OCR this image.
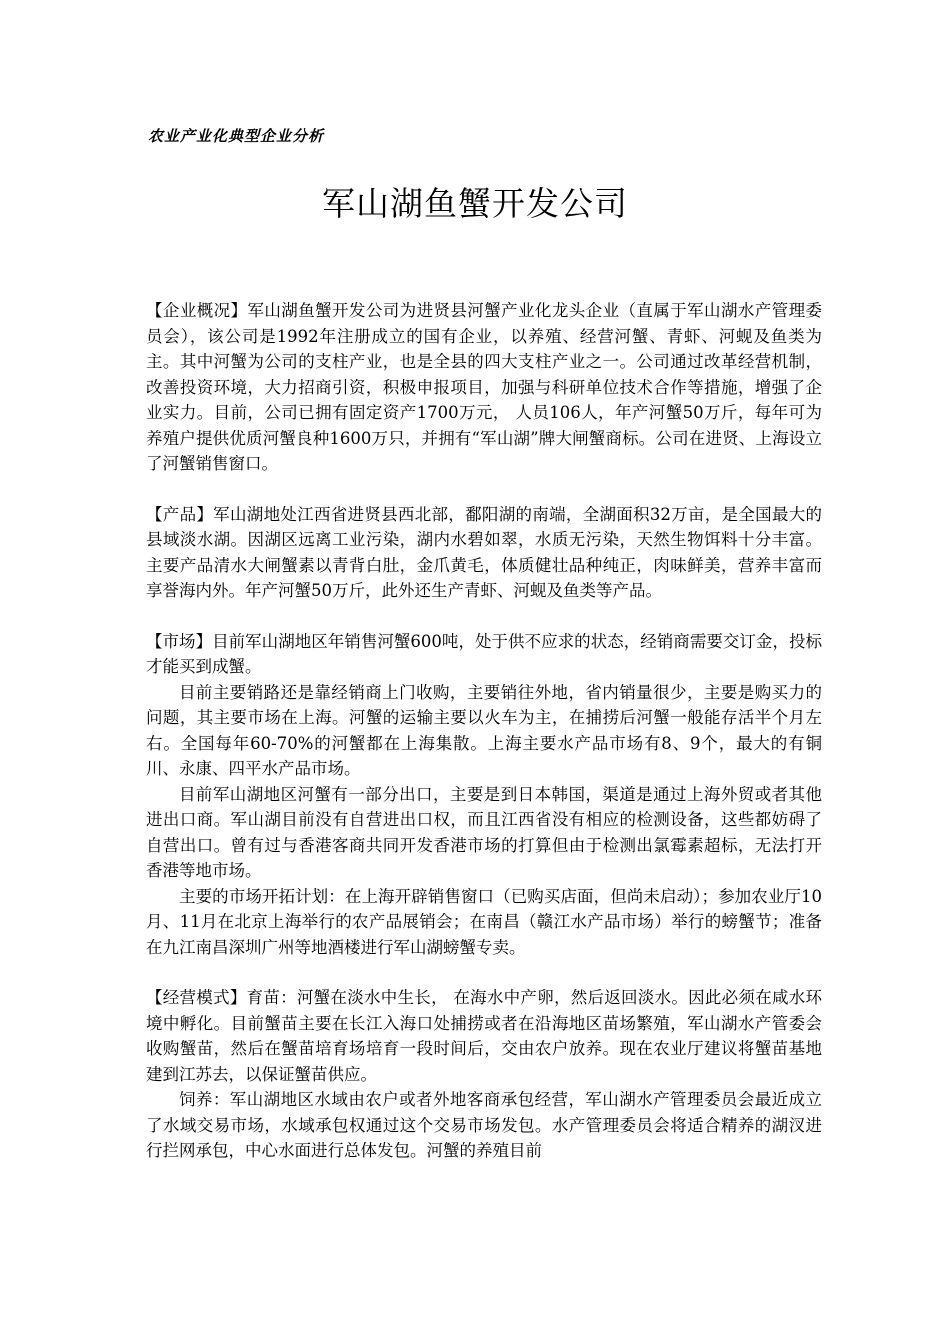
农业产业化典型企业分析
军山湖鱼蟹开发公司

【企业概况】军山湖鱼蟹开发公司为进贤县河蟹产业化龙头企业（直属于军山湖水产管理委员会），该公司是1992年注册成立的国有企业，以养殖、经营河蟹、青虾、河蚬及鱼类为主。其中河蟹为公司的支柱产业，也是全县的四大支柱产业之一。公司通过改革经营机制，改善投资环境，大力招商引资，积极申报项目，加强与科研单位技术合作等措施，增强了企业实力。目前，公司已拥有固定资产1700万元， 人员106人，年产河蟹50万斤，每年可为养殖户提供优质河蟹良种1600万只，并拥有“军山湖”牌大闸蟹商标。公司在进贤、上海设立了河蟹销售窗口。

【产品】军山湖地处江西省进贤县西北部，鄱阳湖的南端，全湖面积32万亩，是全国最大的县域淡水湖。因湖区远离工业污染，湖内水碧如翠，水质无污染，天然生物饵料十分丰富。主要产品清水大闸蟹素以青背白肚，金爪黄毛，体质健壮品种纯正，肉味鲜美，营养丰富而享誉海内外。年产河蟹50万斤，此外还生产青虾、河蚬及鱼类等产品。

【市场】目前军山湖地区年销售河蟹600吨，处于供不应求的状态，经销商需要交订金，投标才能买到成蟹。

目前主要销路还是靠经销商上门收购，主要销往外地，省内销量很少，主要是购买力的问题，其主要市场在上海。河蟹的运输主要以火车为主，在捕捞后河蟹一般能存活半个月左右。全国每年60-70%的河蟹都在上海集散。上海主要水产品市场有8、9个，最大的有铜川、永康、四平水产品市场。

目前军山湖地区河蟹有一部分出口，主要是到日本韩国，渠道是通过上海外贸或者其他进出口商。军山湖目前没有自营进出口权，而且江西省没有相应的检测设备，这些都妨碍了自营出口。曾有过与香港客商共同开发香港市场的打算但由于检测出氯霉素超标，无法打开香港等地市场。

主要的市场开拓计划：在上海开辟销售窗口（已购买店面，但尚未启动）；参加农业厅10月、11月在北京上海举行的农产品展销会；在南昌（赣江水产品市场）举行的螃蟹节；准备在九江南昌深圳广州等地酒楼进行军山湖螃蟹专卖。

【经营模式】育苗：河蟹在淡水中生长， 在海水中产卵，然后返回淡水。因此必须在咸水环境中孵化。目前蟹苗主要在长江入海口处捕捞或者在沿海地区苗场繁殖，军山湖水产管委会收购蟹苗，然后在蟹苗培育场培育一段时间后，交由农户放养。现在农业厅建议将蟹苗基地建到江苏去，以保证蟹苗供应。

饲养：军山湖地区水域由农户或者外地客商承包经营，军山湖水产管理委员会最近成立了水域交易市场，水域承包权通过这个交易市场发包。水产管理委员会将适合精养的湖汊进行拦网承包，中心水面进行总体发包。河蟹的养殖目前
